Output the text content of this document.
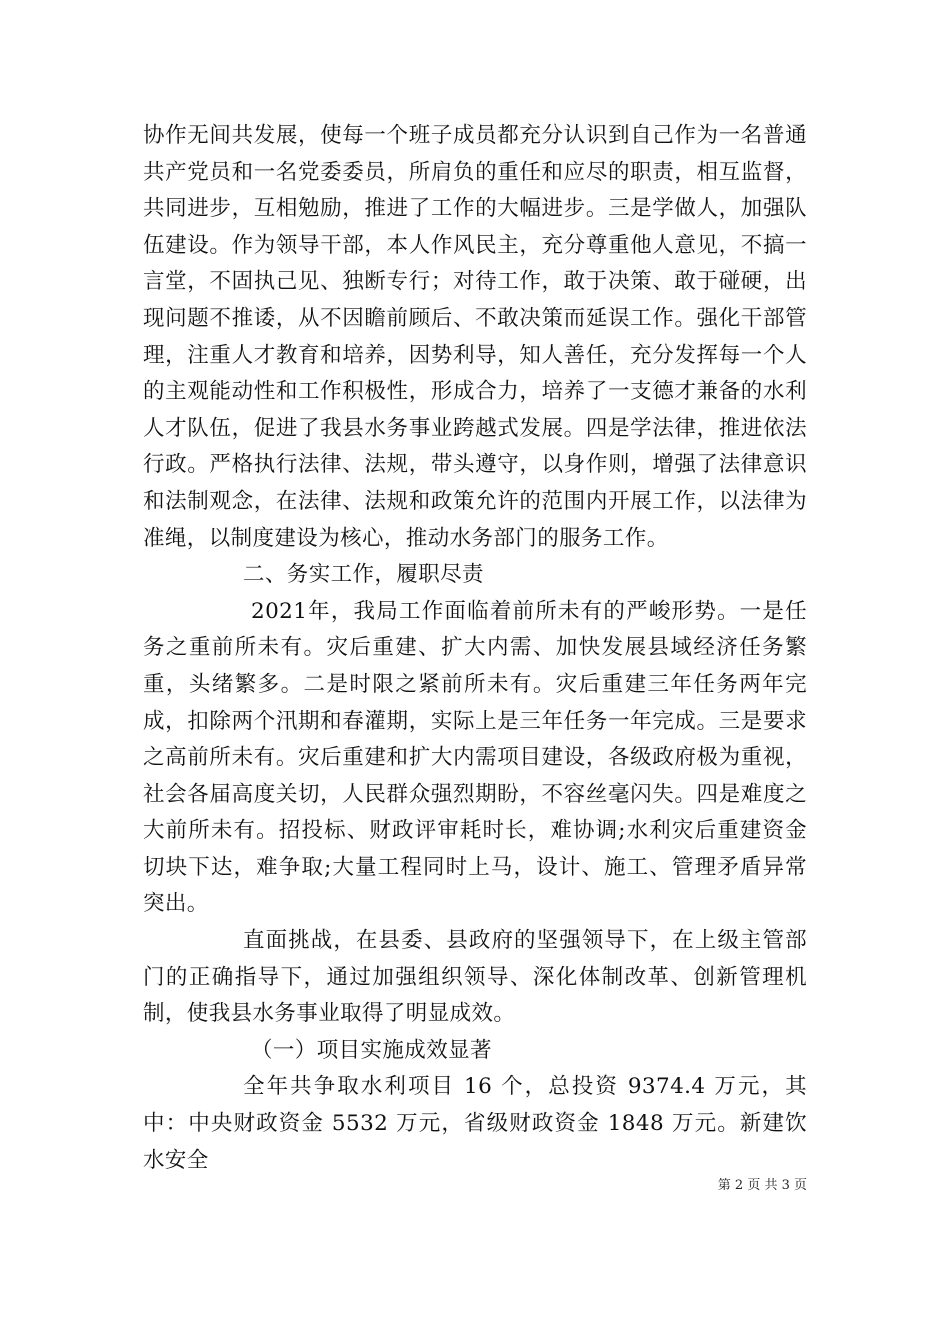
协作无间共发展，使每一个班子成员都充分认识到自己作为一名普通共产党员和一名党委委员，所肩负的重任和应尽的职责，相互监督，共同进步，互相勉励，推进了工作的大幅进步。三是学做人，加强队伍建设。作为领导干部，本人作风民主，充分尊重他人意见，不搞一言堂，不固执己见、独断专行；对待工作，敢于决策、敢于碰硬，出现问题不推诿，从不因瞻前顾后、不敢决策而延误工作。强化干部管理，注重人才教育和培养，因势利导，知人善任，充分发挥每一个人的主观能动性和工作积极性，形成合力，培养了一支德才兼备的水利人才队伍，促进了我县水务事业跨越式发展。四是学法律，推进依法行政。严格执行法律、法规，带头遵守，以身作则，增强了法律意识和法制观念，在法律、法规和政策允许的范围内开展工作，以法律为准绳，以制度建设为核心，推动水务部门的服务工作。

二、务实工作，履职尽责

2021年，我局工作面临着前所未有的严峻形势。一是任务之重前所未有。灾后重建、扩大内需、加快发展县域经济任务繁重，头绪繁多。二是时限之紧前所未有。灾后重建三年任务两年完成，扣除两个汛期和春灌期，实际上是三年任务一年完成。三是要求之高前所未有。灾后重建和扩大内需项目建设，各级政府极为重视，社会各届高度关切，人民群众强烈期盼，不容丝毫闪失。四是难度之大前所未有。招投标、财政评审耗时长，难协调;水利灾后重建资金切块下达，难争取;大量工程同时上马，设计、施工、管理矛盾异常突出。

直面挑战，在县委、县政府的坚强领导下，在上级主管部门的正确指导下，通过加强组织领导、深化体制改革、创新管理机制，使我县水务事业取得了明显成效。

（一）项目实施成效显著

全年共争取水利项目 16 个，总投资 9374.4 万元，其中：中央财政资金 5532 万元，省级财政资金 1848 万元。新建饮水安全

第 2 页 共 3 页
